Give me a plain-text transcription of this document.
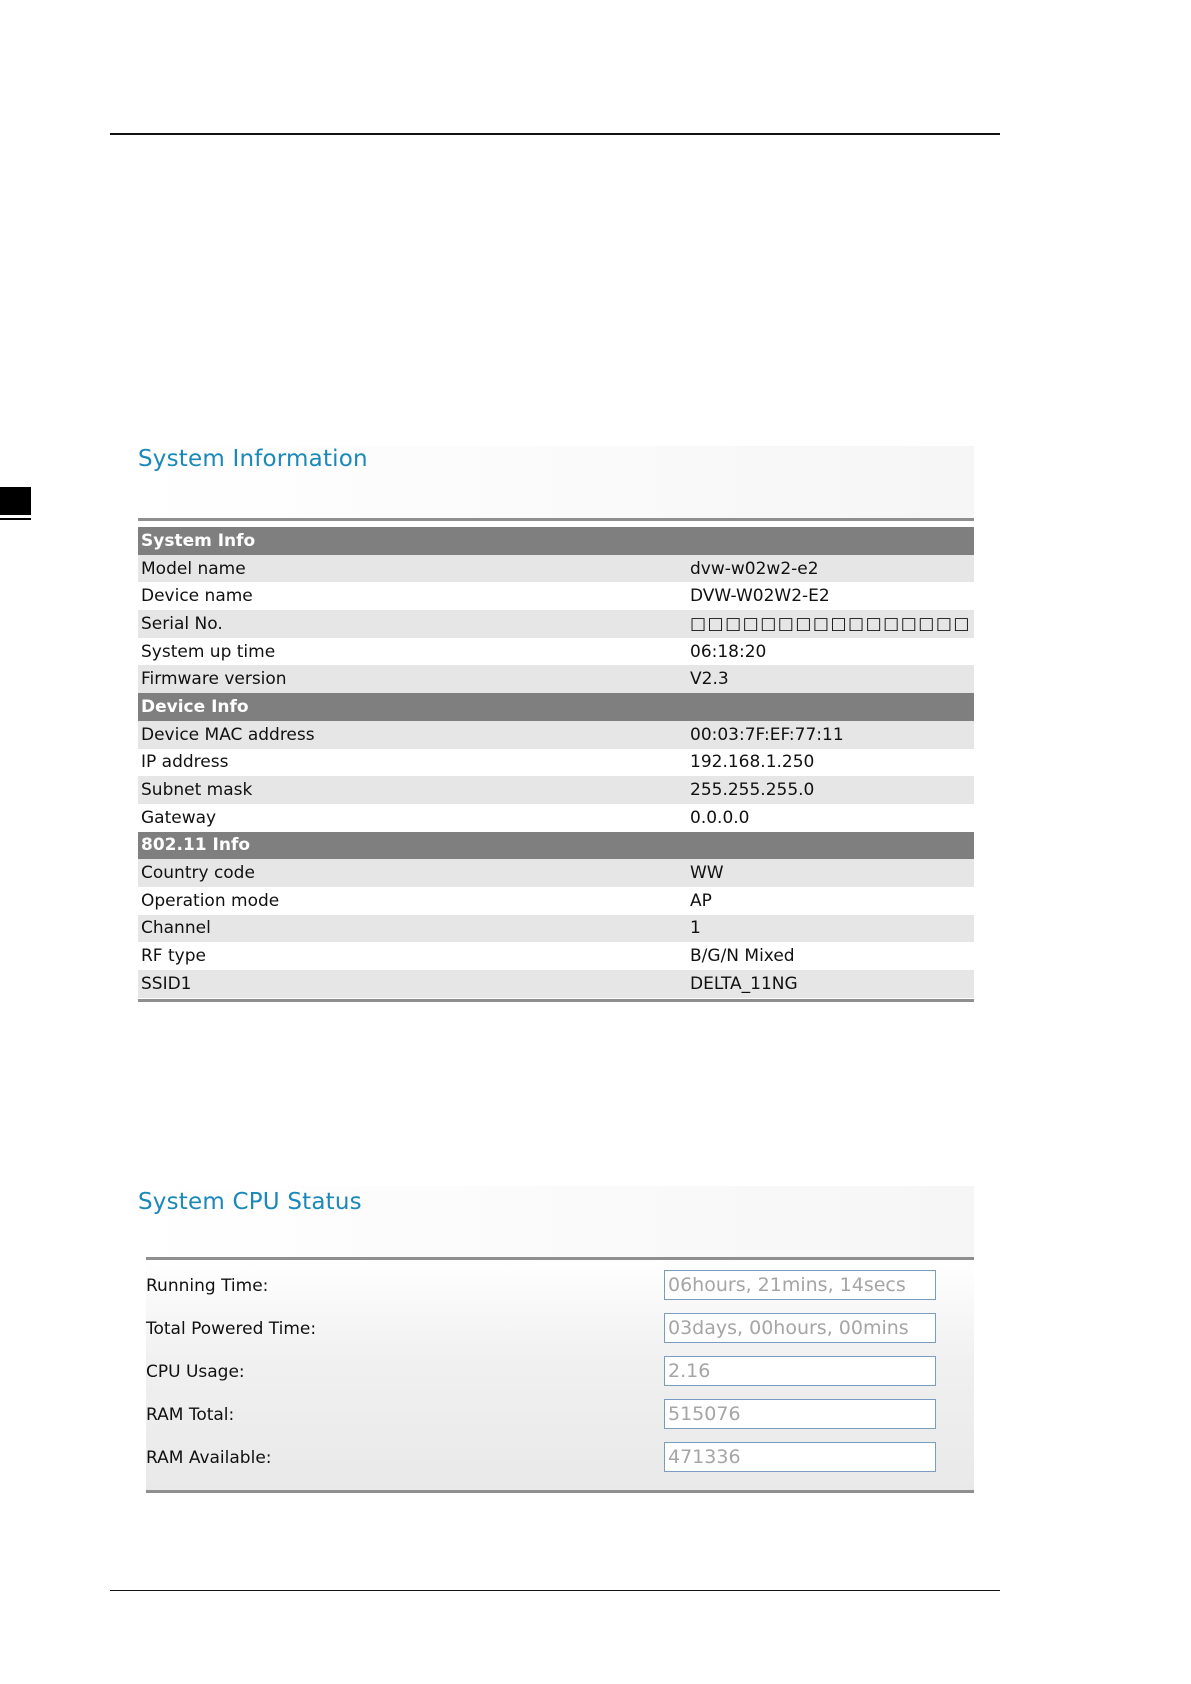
System Information
System Info	
Model name	dvw-w02w2-e2
Device name	DVW-W02W2-E2
Serial No.	□□□□□□□□□□□□□□□□
System up time	06:18:20
Firmware version	V2.3
Device Info	
Device MAC address	00:03:7F:EF:77:11
IP address	192.168.1.250
Subnet mask	255.255.255.0
Gateway	0.0.0.0
802.11 Info	
Country code	WW
Operation mode	AP
Channel	1
RF type	B/G/N Mixed
SSID1	DELTA_11NG
System CPU Status
Running Time:	06hours, 21mins, 14secs
Total Powered Time:	03days, 00hours, 00mins
CPU Usage:	2.16
RAM Total:	515076
RAM Available:	471336
